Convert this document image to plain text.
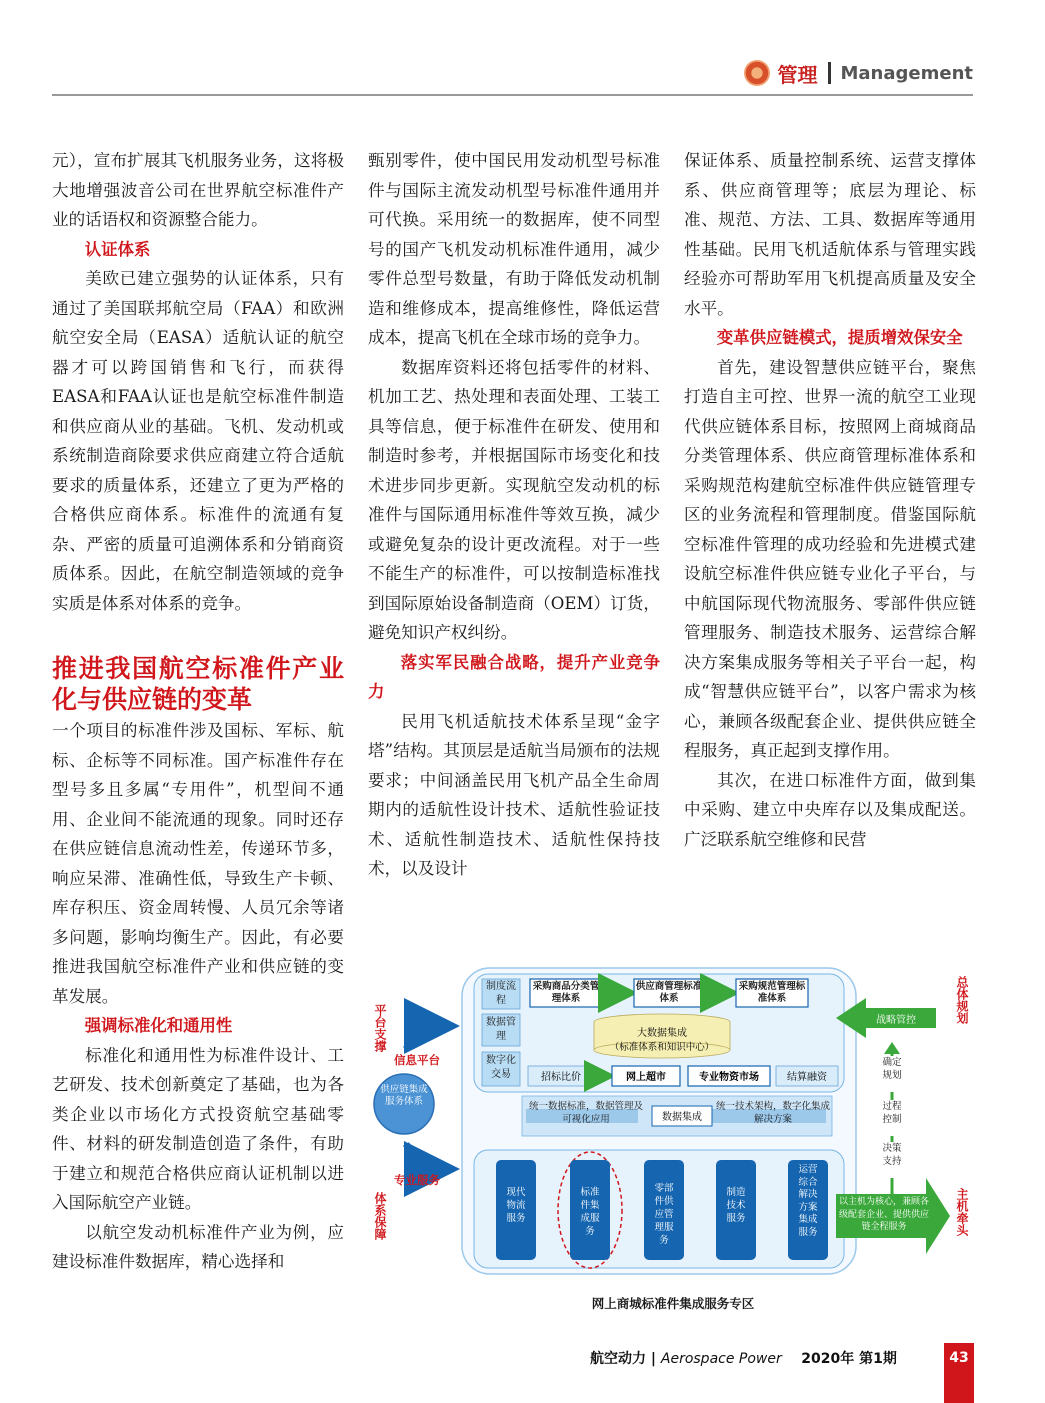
管理 Management

元），宣布扩展其飞机服务业务，这将极大地增强波音公司在世界航空标准件产业的话语权和资源整合能力。

认证体系

美欧已建立强势的认证体系，只有通过了美国联邦航空局（FAA）和欧洲航空安全局（EASA）适航认证的航空器才可以跨国销售和飞行，而获得EASA和FAA认证也是航空标准件制造和供应商从业的基础。飞机、发动机或系统制造商除要求供应商建立符合适航要求的质量体系，还建立了更为严格的合格供应商体系。标准件的流通有复杂、严密的质量可追溯体系和分销商资质体系。因此，在航空制造领域的竞争实质是体系对体系的竞争。

推进我国航空标准件产业化与供应链的变革

一个项目的标准件涉及国标、军标、航标、企标等不同标准。国产标准件存在型号多且多属“专用件”，机型间不通用、企业间不能流通的现象。同时还存在供应链信息流动性差，传递环节多，响应呆滞、准确性低，导致生产卡顿、库存积压、资金周转慢、人员冗余等诸多问题，影响均衡生产。因此，有必要推进我国航空标准件产业和供应链的变革发展。

强调标准化和通用性

标准化和通用性为标准件设计、工艺研发、技术创新奠定了基础，也为各类企业以市场化方式投资航空基础零件、材料的研发制造创造了条件，有助于建立和规范合格供应商认证机制以进入国际航空产业链。

以航空发动机标准件产业为例，应建设标准件数据库，精心选择和

甄别零件，使中国民用发动机型号标准件与国际主流发动机型号标准件通用并可代换。采用统一的数据库，使不同型号的国产飞机发动机标准件通用，减少零件总型号数量，有助于降低发动机制造和维修成本，提高维修性，降低运营成本，提高飞机在全球市场的竞争力。

数据库资料还将包括零件的材料、机加工艺、热处理和表面处理、工装工具等信息，便于标准件在研发、使用和制造时参考，并根据国际市场变化和技术进步同步更新。实现航空发动机的标准件与国际通用标准件等效互换，减少或避免复杂的设计更改流程。对于一些不能生产的标准件，可以按制造标准找到国际原始设备制造商（OEM）订货，避免知识产权纠纷。

落实军民融合战略，提升产业竞争力

民用飞机适航技术体系呈现“金字塔”结构。其顶层是适航当局颁布的法规要求；中间涵盖民用飞机产品全生命周期内的适航性设计技术、适航性验证技术、适航性制造技术、适航性保持技术，以及设计

保证体系、质量控制系统、运营支撑体系、供应商管理等；底层为理论、标准、规范、方法、工具、数据库等通用性基础。民用飞机适航体系与管理实践经验亦可帮助军用飞机提高质量及安全水平。

变革供应链模式，提质增效保安全

首先，建设智慧供应链平台，聚焦打造自主可控、世界一流的航空工业现代供应链体系目标，按照网上商城商品分类管理体系、供应商管理标准体系和采购规范构建航空标准件供应链管理专区的业务流程和管理制度。借鉴国际航空标准件管理的成功经验和先进模式建设航空标准件供应链专业化子平台，与中航国际现代物流服务、零部件供应链管理服务、制造技术服务、运营综合解决方案集成服务等相关子平台一起，构成“智慧供应链平台”，以客户需求为核心，兼顾各级配套企业、提供供应链全程服务，真正起到支撑作用。

其次，在进口标准件方面，做到集中采购、建立中央库存以及集成配送。广泛联系航空维修和民营

平台支撑
体系保障
信息平台
专业服务
供应链集成服务体系
制度流程
数据管理
数字化交易
采购商品分类管理体系
供应商管理标准体系
采购规范管理标准体系
大数据集成
（标准体系和知识中心）
招标比价	网上超市	专业物资市场	结算融资
统一数据标准，数据管理及可视化应用	数据集成
统一技术架构，数字化集成解决方案
现代物流服务
标准件集成服务
零部件供应管理服务
制造技术服务
运营综合解决方案集成服务
战略管控	总体规划
确定规划
过程控制
决策支持
以主机为核心，兼顾各级配套企业、提供供应链全程服务	主机牵头
网上商城标准件集成服务专区
航空动力 | Aerospace Power 2020年 第1期	43
